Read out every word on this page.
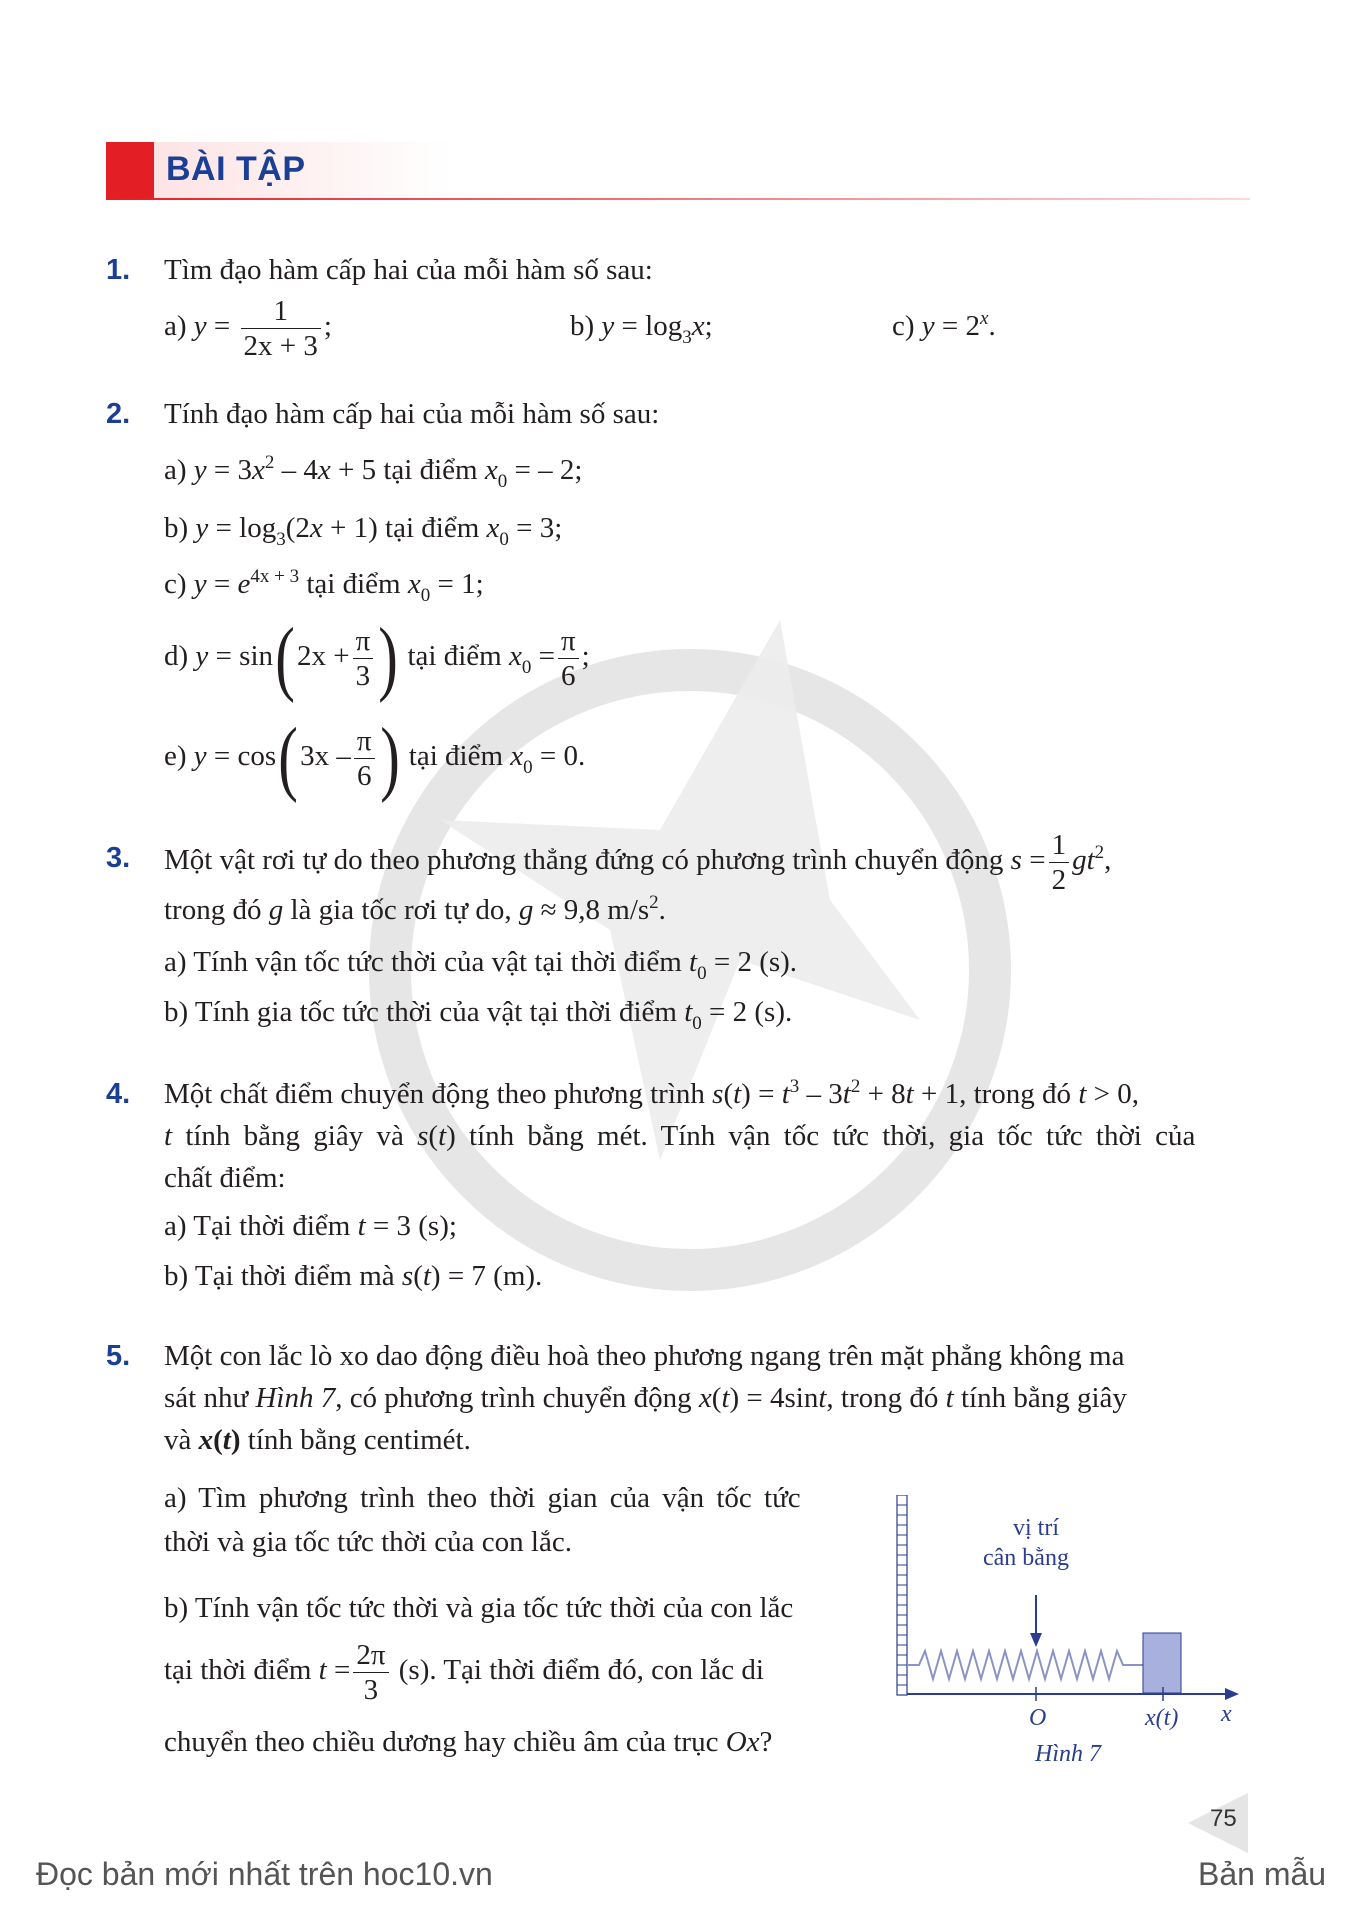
BÀI TẬP
1. Tìm đạo hàm cấp hai của mỗi hàm số sau:
a) $y = \frac{1}{2x + 3}$ ;	b) $y = \log_3x$;	c) $y = 2^x$.
2. Tính đạo hàm cấp hai của mỗi hàm số sau:
a) $y = 3x^2 - 4x + 5$ tại điểm $x_0$ = – 2;
b) $y = \log_3(2x + 1)$ tại điểm $x_0 = 3$;
c) $y = e^{4x + 3}$ tại điểm $x_0 = 1$;
d) $y = \sin(2x + \frac{\pi}{3}$ ) tại điểm $x_0 = \frac{\pi}{6}$ ;
e) $y = \cos(3x - \frac{\pi}{6}$ ) tại điểm $x_0 = 0$.
3. Một vật rơi tự do theo phương thẳng đứng có phương trình chuyển động $s = \frac{1}{2} gt^2$,
trong đó g là gia tốc rơi tự do, g ≈ 9,8 $m/s^2$.
a) Tính vận tốc tức thời của vật tại thời điểm $t_0 = 2$ (s).
b) Tính gia tốc tức thời của vật tại thời điểm $t_0 = 2$ (s).
4. Một chất điểm chuyển động theo phương trình $s(t) = t^3 - 3t^2 + 8t + 1$, trong đó t > 0,
t tính bằng giây và s(t) tính bằng mét. Tính vận tốc tức thời, gia tốc tức thời của
chất điểm:
a) Tại thời điểm t = 3 (s);
b) Tại thời điểm mà s(t) = 7 (m).
5. Một con lắc lò xo dao động điều hoà theo phương ngang trên mặt phẳng không ma
sát như Hình 7, có phương trình chuyển động x(t) = 4sint, trong đó t tính bằng giây
và x(t) tính bằng centimét.
a) Tìm phương trình theo thời gian của vận tốc tức
thời và gia tốc tức thời của con lắc.
b) Tính vận tốc tức thời và gia tốc tức thời của con lắc
tại thời điểm $t = \frac{2\pi}{3} (s)$. Tại thời điểm đó, con lắc di
chuyển theo chiều dương hay chiều âm của trục Ox?
vị trí
cân bằng
O	x(t) x
Hình 7
75
Đọc bản mới nhất trên hoc10.vn	Bản mẫu
